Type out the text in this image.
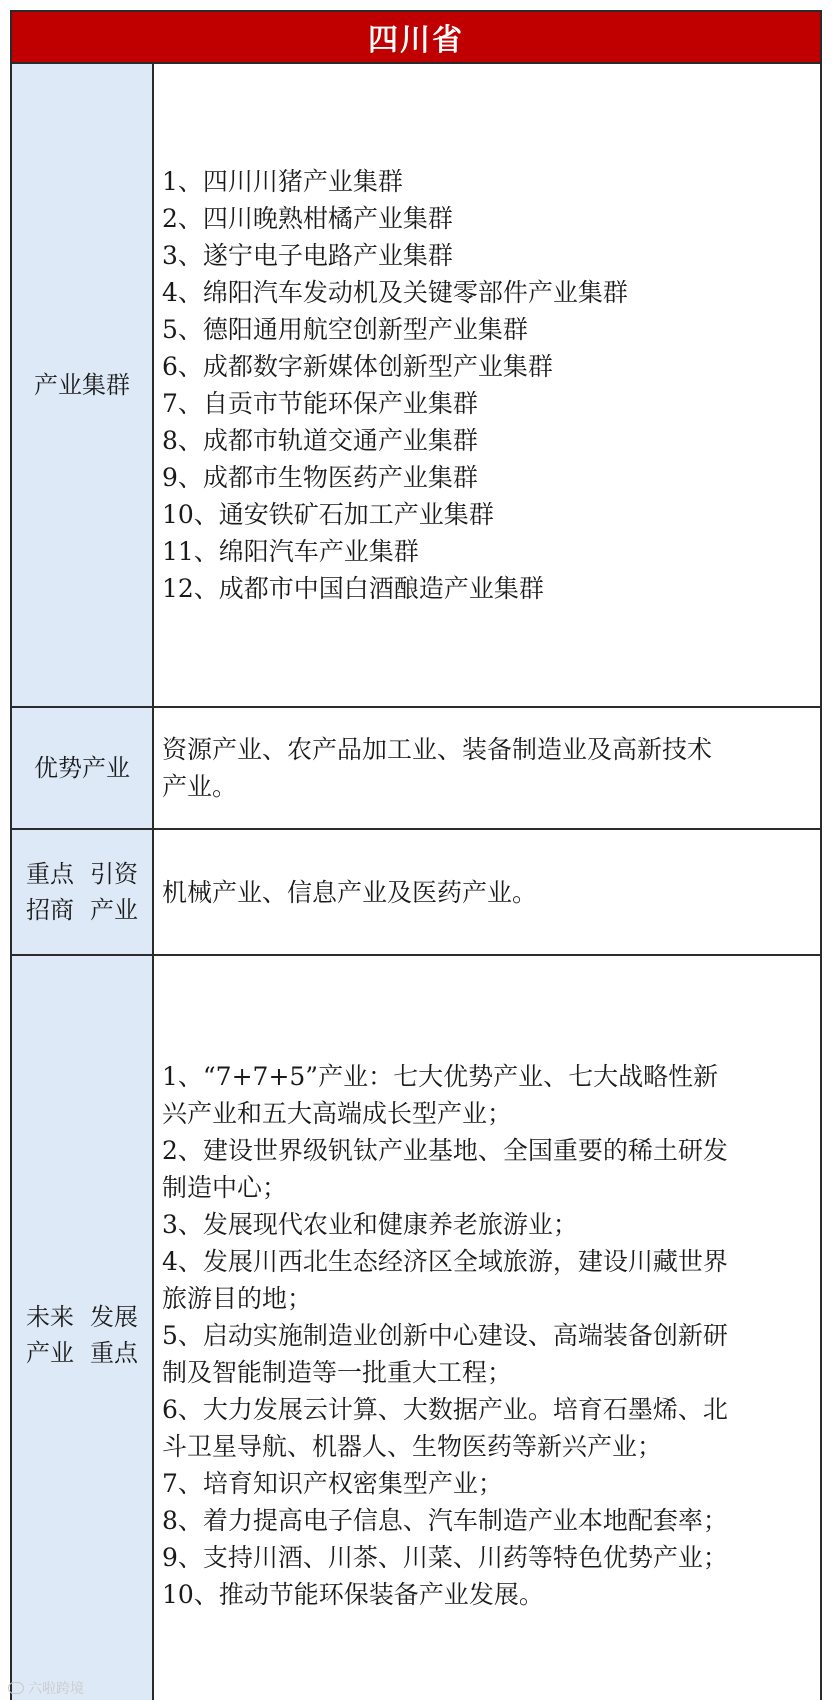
四川省
产业集群
1、四川川猪产业集群
2、四川晚熟柑橘产业集群
3、遂宁电子电路产业集群
4、绵阳汽车发动机及关键零部件产业集群
5、德阳通用航空创新型产业集群
6、成都数字新媒体创新型产业集群
7、自贡市节能环保产业集群
8、成都市轨道交通产业集群
9、成都市生物医药产业集群
10、通安铁矿石加工产业集群
11、绵阳汽车产业集群
12、成都市中国白酒酿造产业集群
优势产业
资源产业、农产品加工业、装备制造业及高新技术
产业。
重点招商
引资产业
机械产业、信息产业及医药产业。
未来产业
发展重点
1、“7+7+5”产业：七大优势产业、七大战略性新
兴产业和五大高端成长型产业；
2、建设世界级钒钛产业基地、全国重要的稀土研发
制造中心；
3、发展现代农业和健康养老旅游业；
4、发展川西北生态经济区全域旅游，建设川藏世界
旅游目的地；
5、启动实施制造业创新中心建设、高端装备创新研
制及智能制造等一批重大工程；
6、大力发展云计算、大数据产业。培育石墨烯、北
斗卫星导航、机器人、生物医药等新兴产业；
7、培育知识产权密集型产业；
8、着力提高电子信息、汽车制造产业本地配套率；
9、支持川酒、川茶、川菜、川药等特色优势产业；
10、推动节能环保装备产业发展。
六啦跨境
